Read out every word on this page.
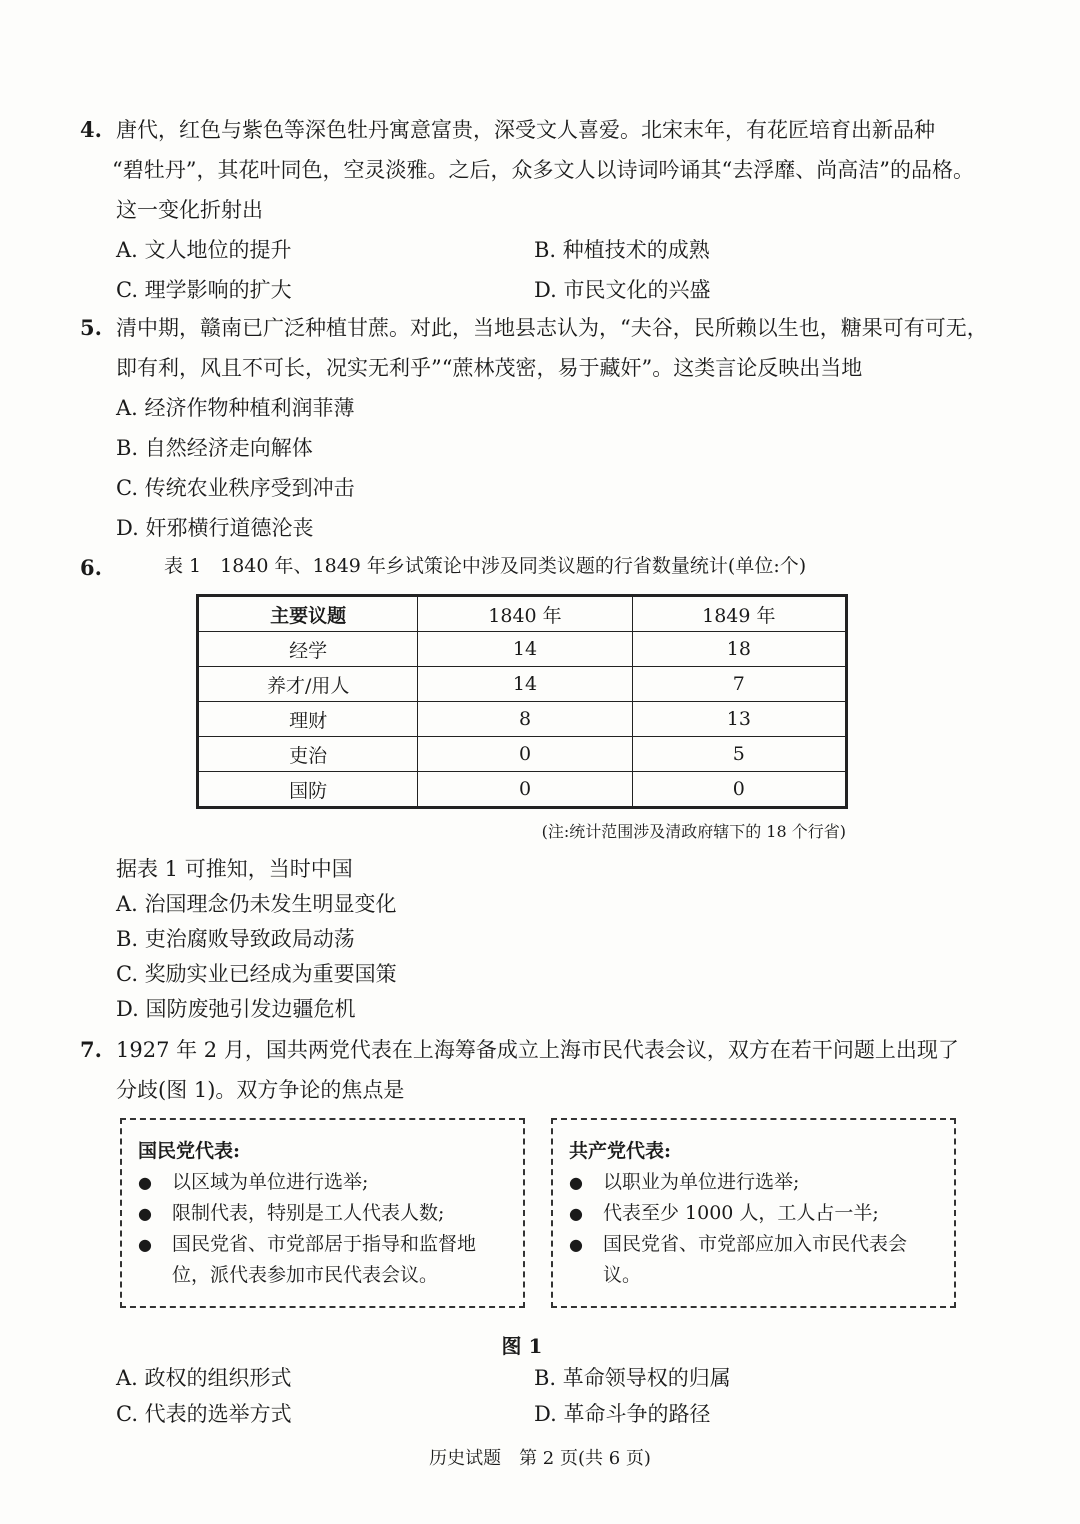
4. 唐代，红色与紫色等深色牡丹寓意富贵，深受文人喜爱。北宋末年，有花匠培育出新品种
“碧牡丹”，其花叶同色，空灵淡雅。之后，众多文人以诗词吟诵其“去浮靡、尚高洁”的品格。
这一变化折射出
A. 文人地位的提升	B. 种植技术的成熟
C. 理学影响的扩大	D. 市民文化的兴盛
5. 清中期，赣南已广泛种植甘蔗。对此，当地县志认为，“夫谷，民所赖以生也，糖果可有可无，
即有利，风且不可长，况实无利乎”“蔗林茂密，易于藏奸”。这类言论反映出当地
A. 经济作物种植利润菲薄
B. 自然经济走向解体
C. 传统农业秩序受到冲击
D. 奸邪横行道德沦丧
6.	表 1　1840 年、1849 年乡试策论中涉及同类议题的行省数量统计(单位:个)
主要议题	1840 年	1849 年
经学	14	18
养才/用人	14	7
理财	8	13
吏治	0	5
国防	0	0
(注:统计范围涉及清政府辖下的 18 个行省)
据表 1 可推知，当时中国
A. 治国理念仍未发生明显变化
B. 吏治腐败导致政局动荡
C. 奖励实业已经成为重要国策
D. 国防废弛引发边疆危机
7. 1927 年 2 月，国共两党代表在上海筹备成立上海市民代表会议，双方在若干问题上出现了
分歧(图 1)。双方争论的焦点是
国民党代表:
●	以区域为单位进行选举;
●	限制代表，特别是工人代表人数;
●	国民党省、市党部居于指导和监督地位，派代表参加市民代表会议。
共产党代表:
●	以职业为单位进行选举;
●	代表至少 1000 人，工人占一半;
●	国民党省、市党部应加入市民代表会议。
图 1
A. 政权的组织形式	B. 革命领导权的归属
C. 代表的选举方式	D. 革命斗争的路径
历史试题　第 2 页(共 6 页)
